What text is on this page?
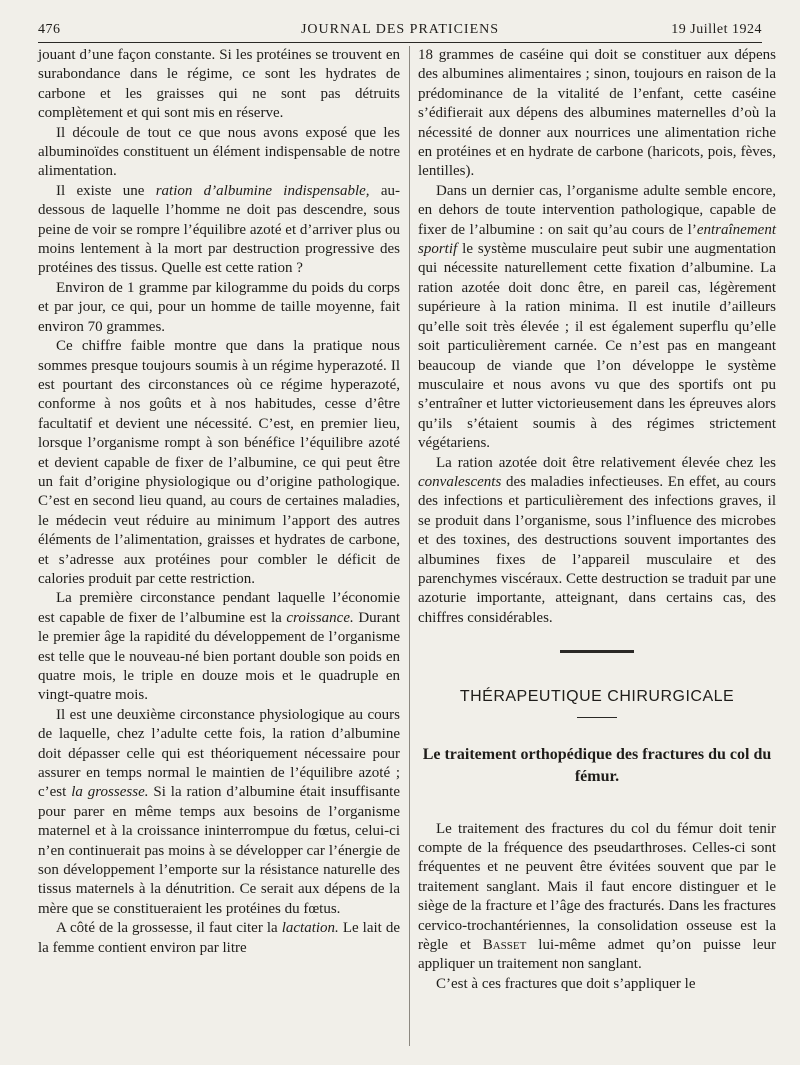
476	JOURNAL DES PRATICIENS	19 Juillet 1924

jouant d’une façon constante. Si les protéines se trouvent en surabondance dans le régime, ce sont les hydrates de carbone et les graisses qui ne sont pas détruits complètement et qui sont mis en réserve.

Il découle de tout ce que nous avons exposé que les albuminoïdes constituent un élément indispensable de notre alimentation.

Il existe une ration d’albumine indispensable, au-dessous de laquelle l’homme ne doit pas descendre, sous peine de voir se rompre l’équilibre azoté et d’arriver plus ou moins lentement à la mort par destruction progressive des protéines des tissus. Quelle est cette ration ?

Environ de 1 gramme par kilogramme du poids du corps et par jour, ce qui, pour un homme de taille moyenne, fait environ 70 grammes.

Ce chiffre faible montre que dans la pratique nous sommes presque toujours soumis à un régime hyperazoté. Il est pourtant des circonstances où ce régime hyperazoté, conforme à nos goûts et à nos habitudes, cesse d’être facultatif et devient une nécessité. C’est, en premier lieu, lorsque l’organisme rompt à son bénéfice l’équilibre azoté et devient capable de fixer de l’albumine, ce qui peut être un fait d’origine physiologique ou d’origine pathologique. C’est en second lieu quand, au cours de certaines maladies, le médecin veut réduire au minimum l’apport des autres éléments de l’alimentation, graisses et hydrates de carbone, et s’adresse aux protéines pour combler le déficit de calories produit par cette restriction.

La première circonstance pendant laquelle l’économie est capable de fixer de l’albumine est la croissance. Durant le premier âge la rapidité du développement de l’organisme est telle que le nouveau-né bien portant double son poids en quatre mois, le triple en douze mois et le quadruple en vingt-quatre mois.

Il est une deuxième circonstance physiologique au cours de laquelle, chez l’adulte cette fois, la ration d’albumine doit dépasser celle qui est théoriquement nécessaire pour assurer en temps normal le maintien de l’équilibre azoté ; c’est la grossesse. Si la ration d’albumine était insuffisante pour parer en même temps aux besoins de l’organisme maternel et à la croissance ininterrompue du fœtus, celui-ci n’en continuerait pas moins à se développer car l’énergie de son développement l’emporte sur la résistance naturelle des tissus maternels à la dénutrition. Ce serait aux dépens de la mère que se constitueraient les protéines du fœtus.

A côté de la grossesse, il faut citer la lactation. Le lait de la femme contient environ par litre

18 grammes de caséine qui doit se constituer aux dépens des albumines alimentaires ; sinon, toujours en raison de la prédominance de la vitalité de l’enfant, cette caséine s’édifierait aux dépens des albumines maternelles d’où la nécessité de donner aux nourrices une alimentation riche en protéines et en hydrate de carbone (haricots, pois, fèves, lentilles).

Dans un dernier cas, l’organisme adulte semble encore, en dehors de toute intervention pathologique, capable de fixer de l’albumine : on sait qu’au cours de l’entraînement sportif le système musculaire peut subir une augmentation qui nécessite naturellement cette fixation d’albumine. La ration azotée doit donc être, en pareil cas, légèrement supérieure à la ration minima. Il est inutile d’ailleurs qu’elle soit très élevée ; il est également superflu qu’elle soit particulièrement carnée. Ce n’est pas en mangeant beaucoup de viande que l’on développe le système musculaire et nous avons vu que des sportifs ont pu s’entraîner et lutter victorieusement dans les épreuves alors qu’ils s’étaient soumis à des régimes strictement végétariens.

La ration azotée doit être relativement élevée chez les convalescents des maladies infectieuses. En effet, au cours des infections et particulièrement des infections graves, il se produit dans l’organisme, sous l’influence des microbes et des toxines, des destructions souvent importantes des albumines fixes de l’appareil musculaire et des parenchymes viscéraux. Cette destruction se traduit par une azoturie importante, atteignant, dans certains cas, des chiffres considérables.

THÉRAPEUTIQUE CHIRURGICALE
Le traitement orthopédique des fractures du col du fémur.

Le traitement des fractures du col du fémur doit tenir compte de la fréquence des pseudarthroses. Celles-ci sont fréquentes et ne peuvent être évitées souvent que par le traitement sanglant. Mais il faut encore distinguer et le siège de la fracture et l’âge des fracturés. Dans les fractures cervico-trochantériennes, la consolidation osseuse est la règle et Basset lui-même admet qu’on puisse leur appliquer un traitement non sanglant.

C’est à ces fractures que doit s’appliquer le
